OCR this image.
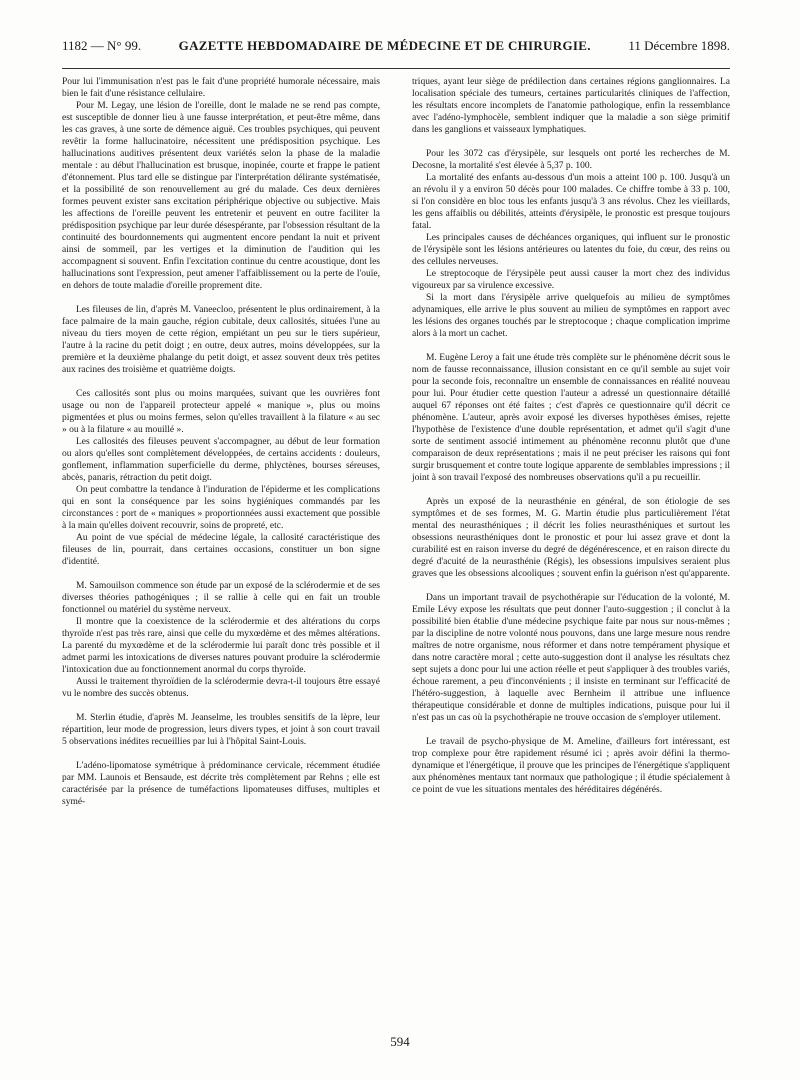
1182 — N° 99.	GAZETTE HEBDOMADAIRE DE MÉDECINE ET DE CHIRURGIE.	11 Décembre 1898.

Pour lui l'immunisation n'est pas le fait d'une propriété humorale nécessaire, mais bien le fait d'une résistance cellulaire.

Pour M. Legay, une lésion de l'oreille, dont le malade ne se rend pas compte, est susceptible de donner lieu à une fausse interprétation, et peut-être même, dans les cas graves, à une sorte de démence aiguë. Ces troubles psychiques, qui peuvent revêtir la forme hallucinatoire, nécessitent une prédisposition psychique. Les hallucinations auditives présentent deux variétés selon la phase de la maladie mentale : au début l'hallucination est brusque, inopinée, courte et frappe le patient d'étonnement. Plus tard elle se distingue par l'interprétation délirante systématisée, et la possibilité de son renouvellement au gré du malade. Ces deux dernières formes peuvent exister sans excitation périphérique objective ou subjective. Mais les affections de l'oreille peuvent les entretenir et peuvent en outre faciliter la prédisposition psychique par leur durée désespérante, par l'obsession résultant de la continuité des bourdonnements qui augmentent encore pendant la nuit et privent ainsi de sommeil, par les vertiges et la diminution de l'audition qui les accompagnent si souvent. Enfin l'excitation continue du centre acoustique, dont les hallucinations sont l'expression, peut amener l'affaiblissement ou la perte de l'ouïe, en dehors de toute maladie d'oreille proprement dite.

Les fileuses de lin, d'après M. Vaneecloo, présentent le plus ordinairement, à la face palmaire de la main gauche, région cubitale, deux callosités, situées l'une au niveau du tiers moyen de cette région, empiétant un peu sur le tiers supérieur, l'autre à la racine du petit doigt ; en outre, deux autres, moins développées, sur la première et la deuxième phalange du petit doigt, et assez souvent deux très petites aux racines des troisième et quatrième doigts.

Ces callosités sont plus ou moins marquées, suivant que les ouvrières font usage ou non de l'appareil protecteur appelé « manique », plus ou moins pigmentées et plus ou moins fermes, selon qu'elles travaillent à la filature « au sec » ou à la filature « au mouillé ».

Les callosités des fileuses peuvent s'accompagner, au début de leur formation ou alors qu'elles sont complètement développées, de certains accidents : douleurs, gonflement, inflammation superficielle du derme, phlyctènes, bourses séreuses, abcès, panaris, rétraction du petit doigt.

On peut combattre la tendance à l'induration de l'épiderme et les complications qui en sont la conséquence par les soins hygiéniques commandés par les circonstances : port de « maniques » proportionnées aussi exactement que possible à la main qu'elles doivent recouvrir, soins de propreté, etc.

Au point de vue spécial de médecine légale, la callosité caractéristique des fileuses de lin, pourrait, dans certaines occasions, constituer un bon signe d'identité.

M. Samouilson commence son étude par un exposé de la sclérodermie et de ses diverses théories pathogéniques ; il se rallie à celle qui en fait un trouble fonctionnel ou matériel du système nerveux.

Il montre que la coexistence de la sclérodermie et des altérations du corps thyroïde n'est pas très rare, ainsi que celle du myxœdème et des mêmes altérations. La parenté du myxœdème et de la sclérodermie lui paraît donc très possible et il admet parmi les intoxications de diverses natures pouvant produire la sclérodermie l'intoxication due au fonctionnement anormal du corps thyroïde.

Aussi le traitement thyroïdien de la sclérodermie devra-t-il toujours être essayé vu le nombre des succès obtenus.

M. Sterlin étudie, d'après M. Jeanselme, les troubles sensitifs de la lèpre, leur répartition, leur mode de progression, leurs divers types, et joint à son court travail 5 observations inédites recueillies par lui à l'hôpital Saint-Louis.

L'adéno-lipomatose symétrique à prédominance cervicale, récemment étudiée par MM. Launois et Bensaude, est décrite très complètement par Rehns ; elle est caractérisée par la présence de tuméfactions lipomateuses diffuses, multiples et symé-

triques, ayant leur siège de prédilection dans certaines régions ganglionnaires. La localisation spéciale des tumeurs, certaines particularités cliniques de l'affection, les résultats encore incomplets de l'anatomie pathologique, enfin la ressemblance avec l'adéno-lymphocèle, semblent indiquer que la maladie a son siège primitif dans les ganglions et vaisseaux lymphatiques.

Pour les 3072 cas d'érysipèle, sur lesquels ont porté les recherches de M. Decosne, la mortalité s'est élevée à 5,37 p. 100.

La mortalité des enfants au-dessous d'un mois a atteint 100 p. 100. Jusqu'à un an révolu il y a environ 50 décès pour 100 malades. Ce chiffre tombe à 33 p. 100, si l'on considère en bloc tous les enfants jusqu'à 3 ans révolus. Chez les vieillards, les gens affaiblis ou débilités, atteints d'érysipèle, le pronostic est presque toujours fatal.

Les principales causes de déchéances organiques, qui influent sur le pronostic de l'érysipèle sont les lésions antérieures ou latentes du foie, du cœur, des reins ou des cellules nerveuses.

Le streptocoque de l'érysipèle peut aussi causer la mort chez des individus vigoureux par sa virulence excessive.

Si la mort dans l'érysipèle arrive quelquefois au milieu de symptômes adynamiques, elle arrive le plus souvent au milieu de symptômes en rapport avec les lésions des organes touchés par le streptocoque ; chaque complication imprime alors à la mort un cachet.

M. Eugène Leroy a fait une étude très complète sur le phénomène décrit sous le nom de fausse reconnaissance, illusion consistant en ce qu'il semble au sujet voir pour la seconde fois, reconnaître un ensemble de connaissances en réalité nouveau pour lui. Pour étudier cette question l'auteur a adressé un questionnaire détaillé auquel 67 réponses ont été faites ; c'est d'après ce questionnaire qu'il décrit ce phénomène. L'auteur, après avoir exposé les diverses hypothèses émises, rejette l'hypothèse de l'existence d'une double représentation, et admet qu'il s'agit d'une sorte de sentiment associé intimement au phénomène reconnu plutôt que d'une comparaison de deux représentations ; mais il ne peut préciser les raisons qui font surgir brusquement et contre toute logique apparente de semblables impressions ; il joint à son travail l'exposé des nombreuses observations qu'il a pu recueillir.

Après un exposé de la neurasthénie en général, de son étiologie de ses symptômes et de ses formes, M. G. Martin étudie plus particulièrement l'état mental des neurasthéniques ; il décrit les folies neurasthéniques et surtout les obsessions neurasthéniques dont le pronostic et pour lui assez grave et dont la curabilité est en raison inverse du degré de dégénérescence, et en raison directe du degré d'acuité de la neurasthénie (Régis), les obsessions impulsives seraient plus graves que les obsessions alcooliques ; souvent enfin la guérison n'est qu'apparente.

Dans un important travail de psychothérapie sur l'éducation de la volonté, M. Emile Lévy expose les résultats que peut donner l'auto-suggestion ; il conclut à la possibilité bien établie d'une médecine psychique faite par nous sur nous-mêmes ; par la discipline de notre volonté nous pouvons, dans une large mesure nous rendre maîtres de notre organisme, nous réformer et dans notre tempérament physique et dans notre caractère moral ; cette auto-suggestion dont il analyse les résultats chez sept sujets a donc pour lui une action réelle et peut s'appliquer à des troubles variés, échoue rarement, a peu d'inconvénients ; il insiste en terminant sur l'efficacité de l'hétéro-suggestion, à laquelle avec Bernheim il attribue une influence thérapeutique considérable et donne de multiples indications, puisque pour lui il n'est pas un cas où la psychothérapie ne trouve occasion de s'employer utilement.

Le travail de psycho-physique de M. Ameline, d'ailleurs fort intéressant, est trop complexe pour être rapidement résumé ici ; après avoir défini la thermo-dynamique et l'énergétique, il prouve que les principes de l'énergétique s'appliquent aux phénomènes mentaux tant normaux que pathologique ; il étudie spécialement à ce point de vue les situations mentales des héréditaires dégénérés.

594
